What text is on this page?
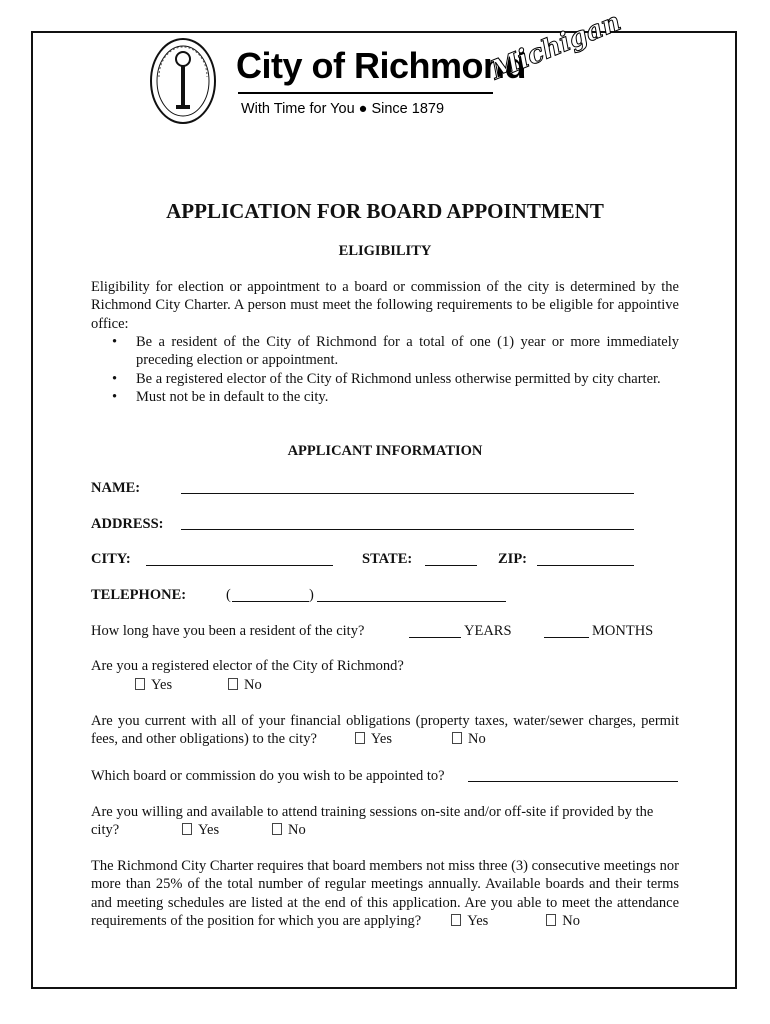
City of Richmond
Michigan
With Time for You ● Since 1879
APPLICATION FOR BOARD APPOINTMENT
ELIGIBILITY
Eligibility for election or appointment to a board or commission of the city is determined by the Richmond City Charter. A person must meet the following requirements to be eligible for appointive office:
• Be a resident of the City of Richmond for a total of one (1) year or more immediately preceding election or appointment.
• Be a registered elector of the City of Richmond unless otherwise permitted by city charter.
• Must not be in default to the city.
APPLICANT INFORMATION
NAME:
ADDRESS:
CITY:	STATE:	ZIP:
TELEPHONE:	(	)
How long have you been a resident of the city?	YEARS	MONTHS
Are you a registered elector of the City of Richmond?
Yes	No
Are you current with all of your financial obligations (property taxes, water/sewer charges, permit fees, and other obligations) to the city?	Yes	No
Which board or commission do you wish to be appointed to?
Are you willing and available to attend training sessions on-site and/or off-site if provided by the
city?	Yes	No
The Richmond City Charter requires that board members not miss three (3) consecutive meetings nor more than 25% of the total number of regular meetings annually. Available boards and their terms and meeting schedules are listed at the end of this application. Are you able to meet the attendance requirements of the position for which you are applying?	Yes	No
